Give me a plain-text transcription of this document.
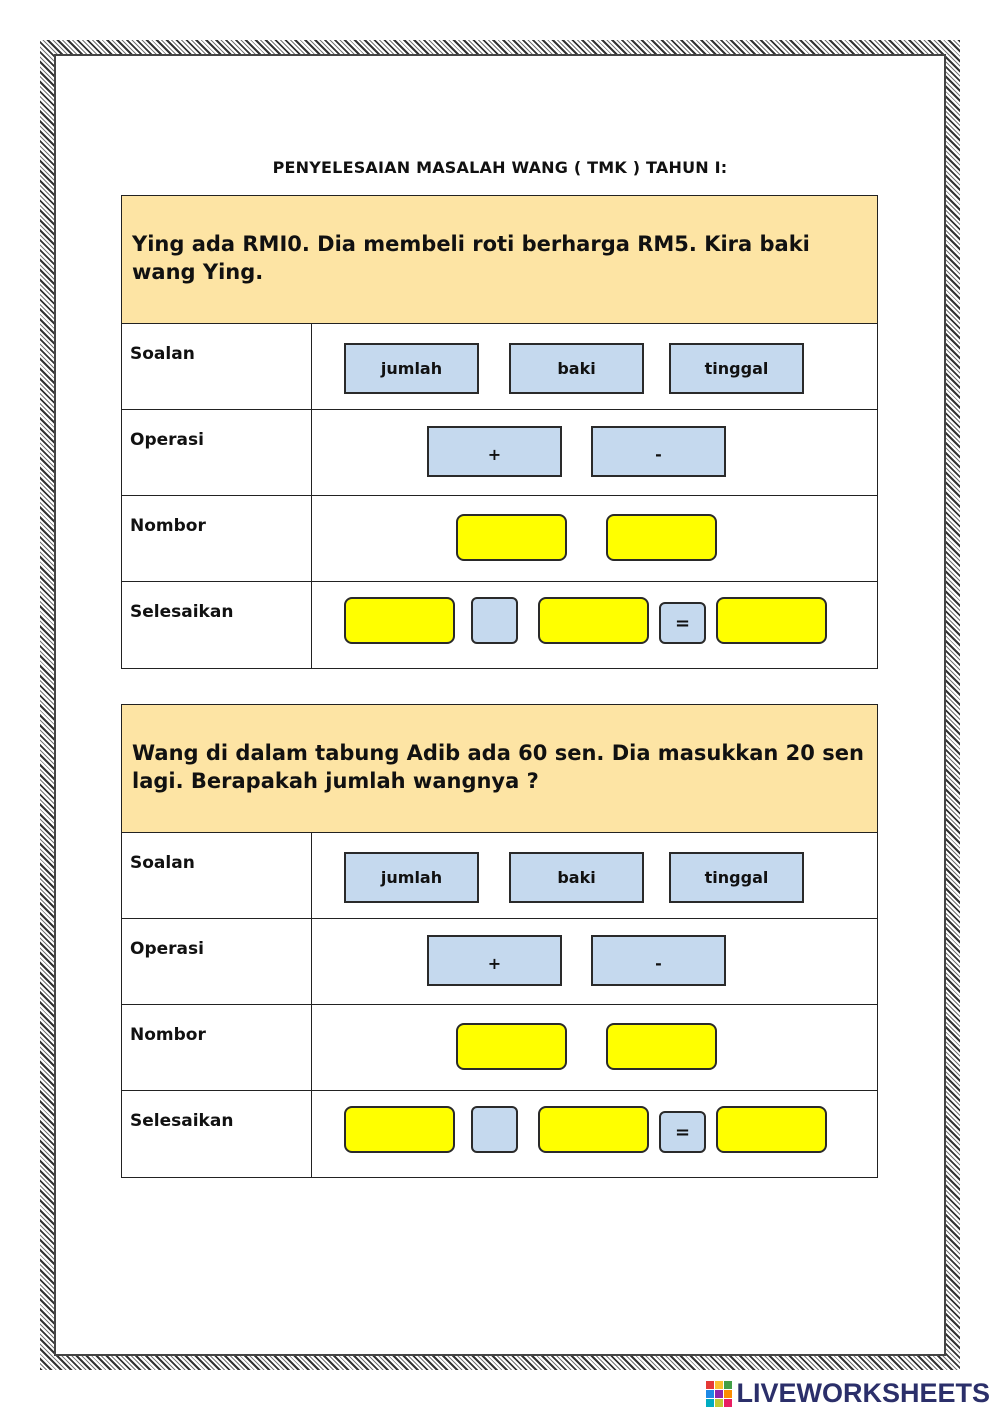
PENYELESAIAN MASALAH WANG ( TMK ) TAHUN I:
Ying ada RMI0. Dia membeli roti berharga RM5. Kira baki wang Ying.
Soalan
jumlah	baki	tinggal
Operasi
+	-
Nombor
Selesaikan
=
Wang di dalam tabung Adib ada 60 sen. Dia masukkan 20 sen lagi. Berapakah jumlah wangnya ?
Soalan
jumlah	baki	tinggal
Operasi
+	-
Nombor
Selesaikan
=
LIVEWORKSHEETS
